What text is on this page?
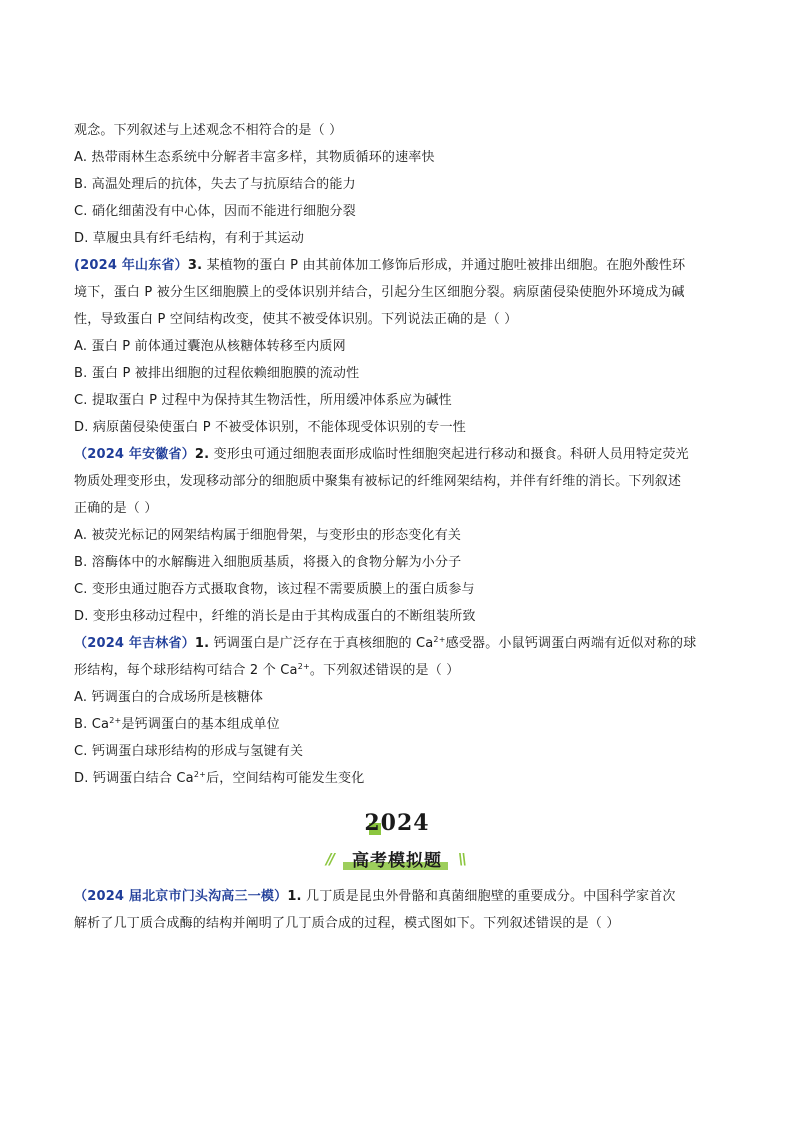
观念。下列叙述与上述观念不相符合的是（ ）
A. 热带雨林生态系统中分解者丰富多样，其物质循环的速率快
B. 高温处理后的抗体，失去了与抗原结合的能力
C. 硝化细菌没有中心体，因而不能进行细胞分裂
D. 草履虫具有纤毛结构，有利于其运动
(2024 年山东省）3. 某植物的蛋白 P 由其前体加工修饰后形成，并通过胞吐被排出细胞。在胞外酸性环
境下，蛋白 P 被分生区细胞膜上的受体识别并结合，引起分生区细胞分裂。病原菌侵染使胞外环境成为碱
性，导致蛋白 P 空间结构改变，使其不被受体识别。下列说法正确的是（ ）
A. 蛋白 P 前体通过囊泡从核糖体转移至内质网
B. 蛋白 P 被排出细胞的过程依赖细胞膜的流动性
C. 提取蛋白 P 过程中为保持其生物活性，所用缓冲体系应为碱性
D. 病原菌侵染使蛋白 P 不被受体识别，不能体现受体识别的专一性
（2024 年安徽省）2. 变形虫可通过细胞表面形成临时性细胞突起进行移动和摄食。科研人员用特定荧光
物质处理变形虫，发现移动部分的细胞质中聚集有被标记的纤维网架结构，并伴有纤维的消长。下列叙述
正确的是（ ）
A. 被荧光标记的网架结构属于细胞骨架，与变形虫的形态变化有关
B. 溶酶体中的水解酶进入细胞质基质，将摄入的食物分解为小分子
C. 变形虫通过胞吞方式摄取食物，该过程不需要质膜上的蛋白质参与
D. 变形虫移动过程中，纤维的消长是由于其构成蛋白的不断组装所致
（2024 年吉林省）1. 钙调蛋白是广泛存在于真核细胞的 $Ca^{2+}$感受器。小鼠钙调蛋白两端有近似对称的球
形结构，每个球形结构可结合 2 个 $Ca^{2+}$。下列叙述错误的是（ ）
A. 钙调蛋白的合成场所是核糖体
B. $Ca^{2+}$是钙调蛋白的基本组成单位
C. 钙调蛋白球形结构的形成与氢键有关
D. 钙调蛋白结合 $Ca^{2+}$后，空间结构可能发生变化
2024
//	\\
高考模拟题
（2024 届北京市门头沟高三一模）1. 几丁质是昆虫外骨骼和真菌细胞壁的重要成分。中国科学家首次
解析了几丁质合成酶的结构并阐明了几丁质合成的过程，模式图如下。下列叙述错误的是（ ）
